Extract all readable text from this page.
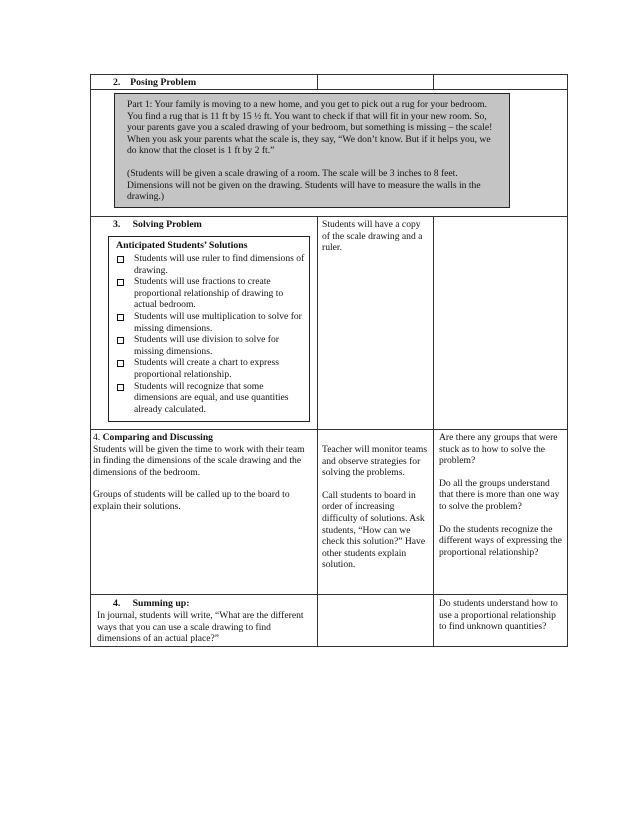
2. Posing Problem

Part 1: Your family is moving to a new home, and you get to pick out a rug for your bedroom. You find a rug that is 11 ft by 15 ½ ft. You want to check if that will fit in your new room. So, your parents gave you a scaled drawing of your bedroom, but something is missing – the scale! When you ask your parents what the scale is, they say, “We don’t know. But if it helps you, we do know that the closet is 1 ft by 2 ft.”

(Students will be given a scale drawing of a room. The scale will be 3 inches to 8 feet. Dimensions will not be given on the drawing. Students will have to measure the walls in the drawing.)

3. Solving Problem
Anticipated Students’ Solutions
Students will use ruler to find dimensions of drawing.
Students will use fractions to create proportional relationship of drawing to actual bedroom.
Students will use multiplication to solve for missing dimensions.
Students will use division to solve for missing dimensions.
Students will create a chart to express proportional relationship.
Students will recognize that some dimensions are equal, and use quantities already calculated.
Students will have a copy of the scale drawing and a ruler.
4. Comparing and Discussing
Students will be given the time to work with their team in finding the dimensions of the scale drawing and the dimensions of the bedroom.
Groups of students will be called up to the board to explain their solutions.
Teacher will monitor teams and observe strategies for solving the problems.
Call students to board in order of increasing difficulty of solutions. Ask students, “How can we check this solution?” Have other students explain solution.
Are there any groups that were stuck as to how to solve the problem?
Do all the groups understand that there is more than one way to solve the problem?
Do the students recognize the different ways of expressing the proportional relationship?
4. Summing up:
In journal, students will write, “What are the different ways that you can use a scale drawing to find dimensions of an actual place?”
Do students understand how to use a proportional relationship to find unknown quantities?
